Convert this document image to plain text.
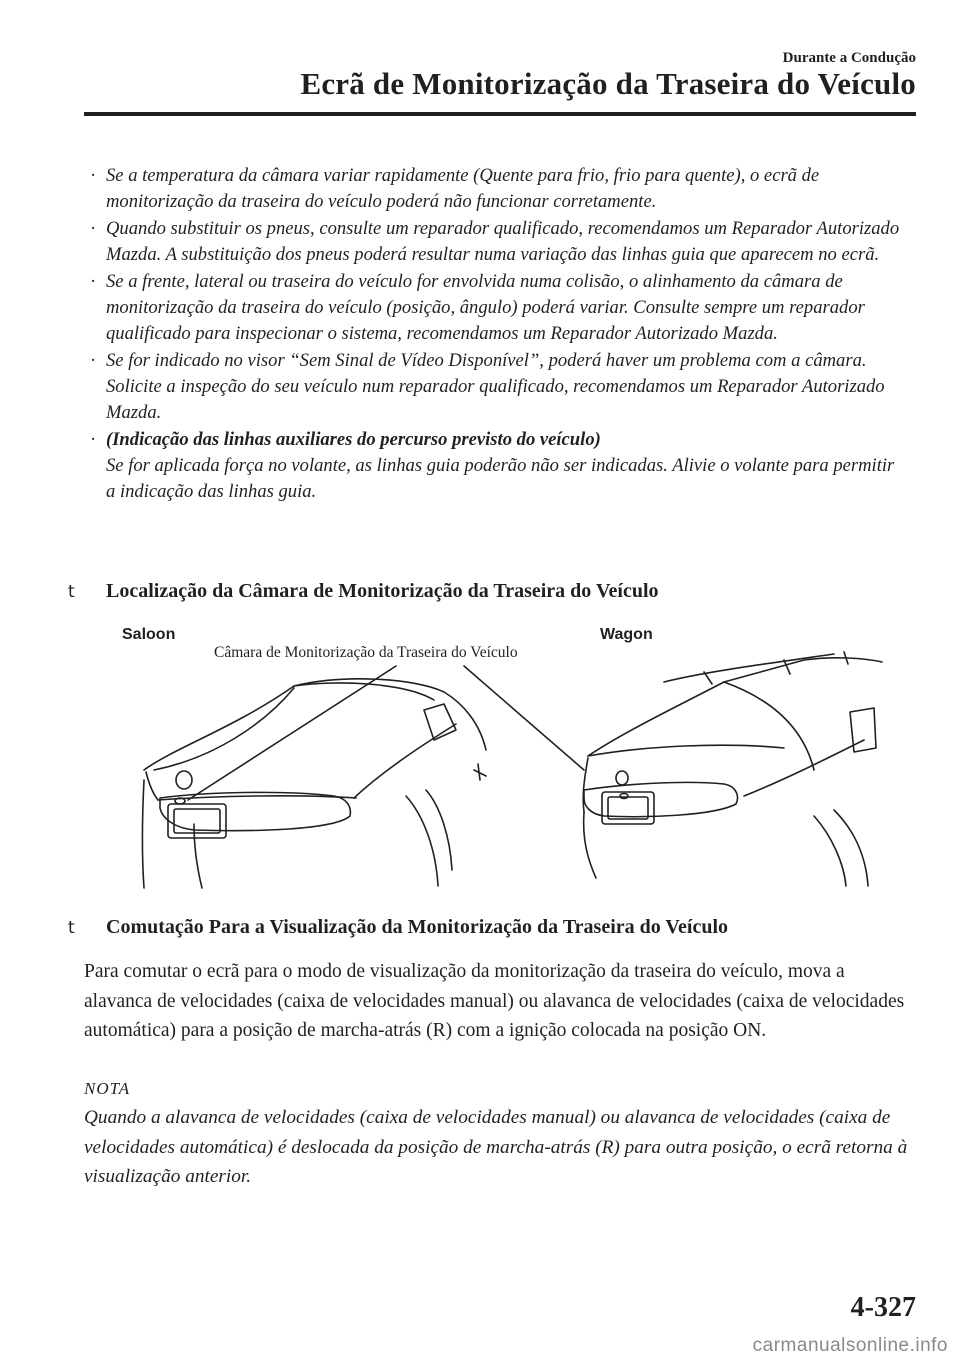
Durante a Condução
Ecrã de Monitorização da Traseira do Veículo
· Se a temperatura da câmara variar rapidamente (Quente para frio, frio para quente), o ecrã de monitorização da traseira do veículo poderá não funcionar corretamente.
· Quando substituir os pneus, consulte um reparador qualificado, recomendamos um Reparador Autorizado Mazda. A substituição dos pneus poderá resultar numa variação das linhas guia que aparecem no ecrã.
· Se a frente, lateral ou traseira do veículo for envolvida numa colisão, o alinhamento da câmara de monitorização da traseira do veículo (posição, ângulo) poderá variar. Consulte sempre um reparador qualificado para inspecionar o sistema, recomendamos um Reparador Autorizado Mazda.
· Se for indicado no visor “Sem Sinal de Vídeo Disponível”, poderá haver um problema com a câmara. Solicite a inspeção do seu veículo num reparador qualificado, recomendamos um Reparador Autorizado Mazda.
· (Indicação das linhas auxiliares do percurso previsto do veículo)
Se for aplicada força no volante, as linhas guia poderão não ser indicadas. Alivie o volante para permitir a indicação das linhas guia.
t Localização da Câmara de Monitorização da Traseira do Veículo
Saloon	Wagon
Câmara de Monitorização da Traseira do Veículo
t Comutação Para a Visualização da Monitorização da Traseira do Veículo

Para comutar o ecrã para o modo de visualização da monitorização da traseira do veículo, mova a alavanca de velocidades (caixa de velocidades manual) ou alavanca de velocidades (caixa de velocidades automática) para a posição de marcha-atrás (R) com a ignição colocada na posição ON.

NOTA

Quando a alavanca de velocidades (caixa de velocidades manual) ou alavanca de velocidades (caixa de velocidades automática) é deslocada da posição de marcha-atrás (R) para outra posição, o ecrã retorna à visualização anterior.

4-327
carmanualsonline.info
